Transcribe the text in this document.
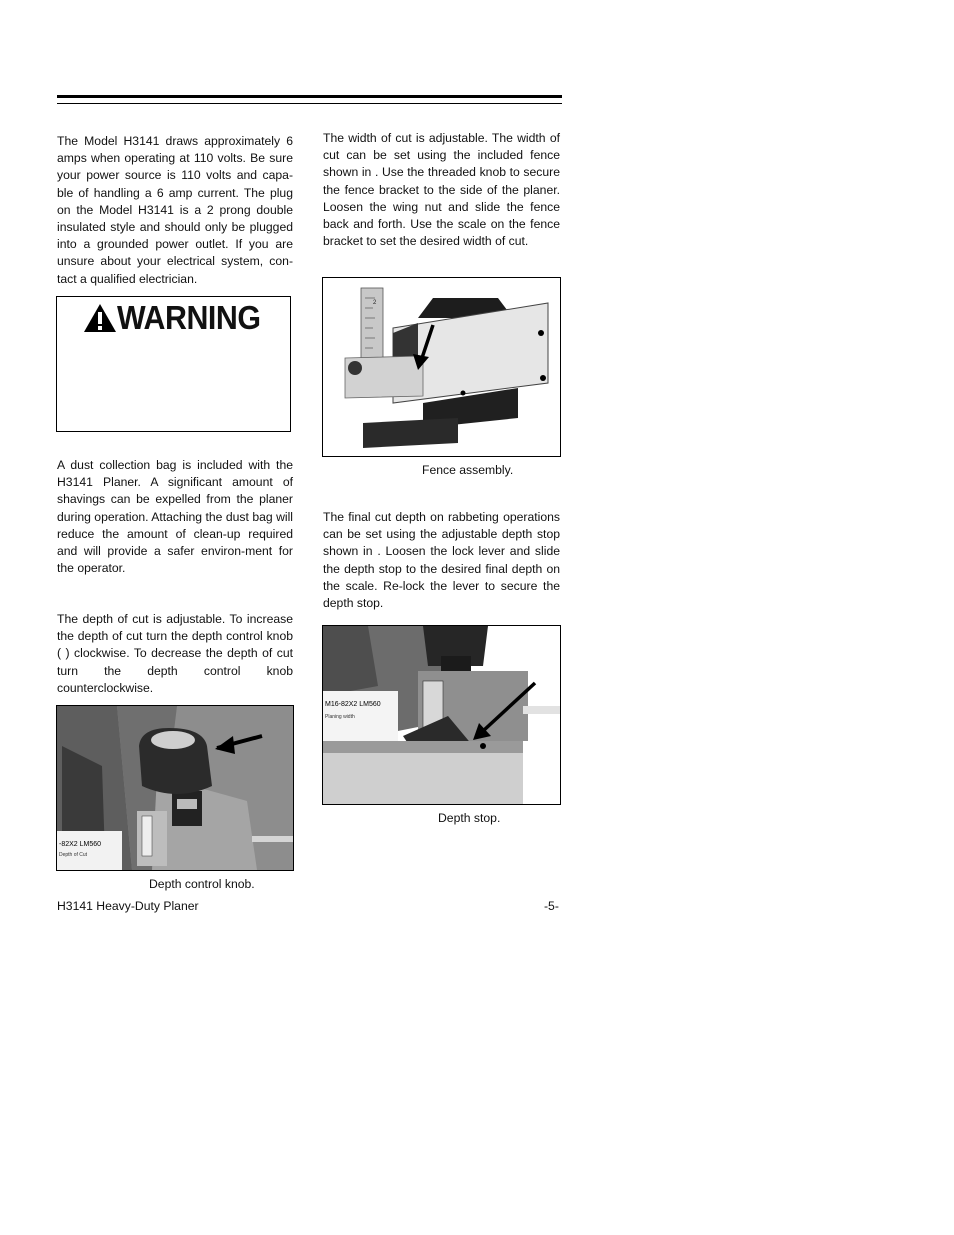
The Model H3141 draws approximately 6 amps when operating at 110 volts. Be sure your power source is 110 volts and capa-ble of handling a 6 amp current. The plug on the Model H3141 is a 2 prong double insulated style and should only be plugged into a grounded power outlet. If you are unsure about your electrical system, con-tact a qualified electrician.

WARNING

A dust collection bag is included with the H3141 Planer. A significant amount of shavings can be expelled from the planer during operation. Attaching the dust bag will reduce the amount of clean-up required and will provide a safer environ-ment for the operator.

The depth of cut is adjustable. To increase the depth of cut turn the depth control knob ( ) clockwise. To decrease the depth of cut turn the depth control knob counterclockwise.

-82X2 LM560
Depth of Cut

Depth control knob.

H3141 Heavy-Duty Planer	-5-

The width of cut is adjustable. The width of cut can be set using the included fence shown in . Use the threaded knob to secure the fence bracket to the side of the planer. Loosen the wing nut and slide the fence back and forth. Use the scale on the fence bracket to set the desired width of cut.

2

Fence assembly.

The final cut depth on rabbeting operations can be set using the adjustable depth stop shown in . Loosen the lock lever and slide the depth stop to the desired final depth on the scale. Re-lock the lever to secure the depth stop.

M16-82X2 LM560
Planing width

Depth stop.
